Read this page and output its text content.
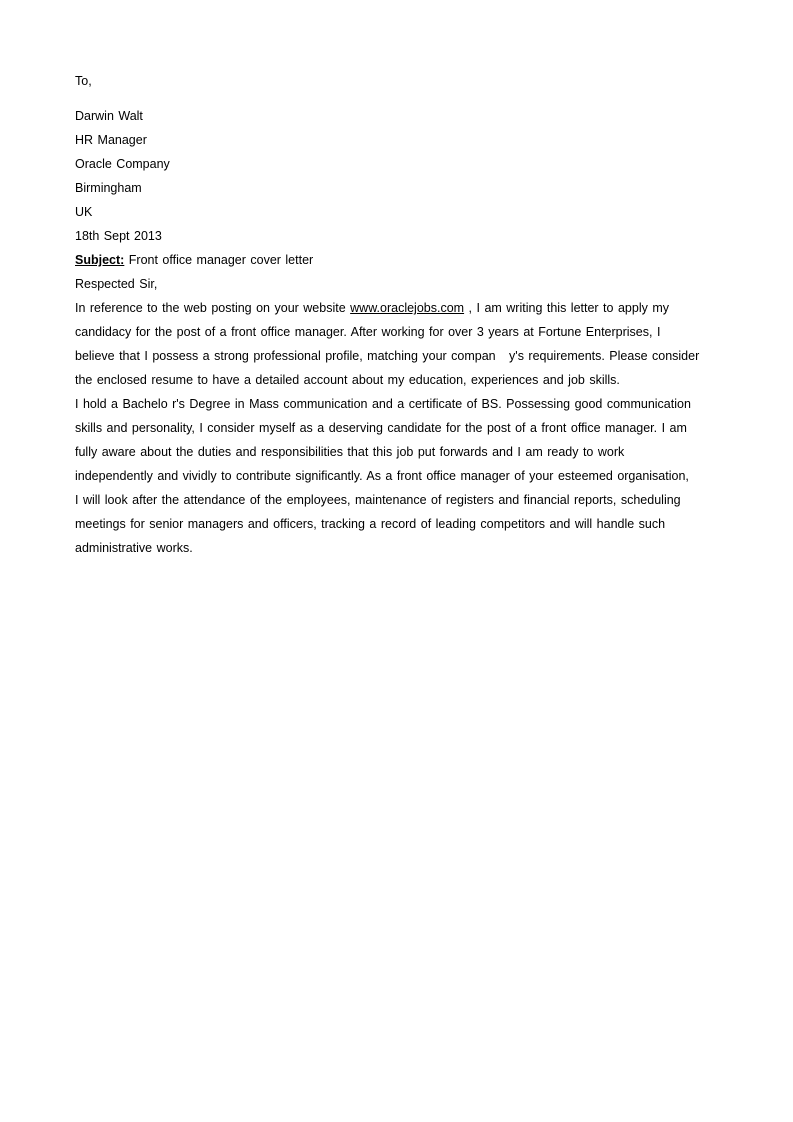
To,
Darwin Walt
HR Manager
Oracle Company
Birmingham
UK
18th Sept 2013
Subject: Front office manager cover letter
Respected Sir,
In reference to the web posting on your website www.oraclejobs.com , I am writing this letter to apply my
candidacy for the post of a front office manager. After working for over 3 years at Fortune Enterprises, I
believe that I possess a strong professional profile, matching your compan   y's requirements. Please consider
the enclosed resume to have a detailed account about my education, experiences and job skills.
I hold a Bachelo r's Degree in Mass communication and a certificate of BS. Possessing good communication
skills and personality, I consider myself as a deserving candidate for the post of a front office manager. I am
fully aware about the duties and responsibilities that this job put forwards and I am ready to work
independently and vividly to contribute significantly. As a front office manager of your esteemed organisation,
I will look after the attendance of the employees, maintenance of registers and financial reports, scheduling
meetings for senior managers and officers, tracking a record of leading competitors and will handle such
administrative works.
